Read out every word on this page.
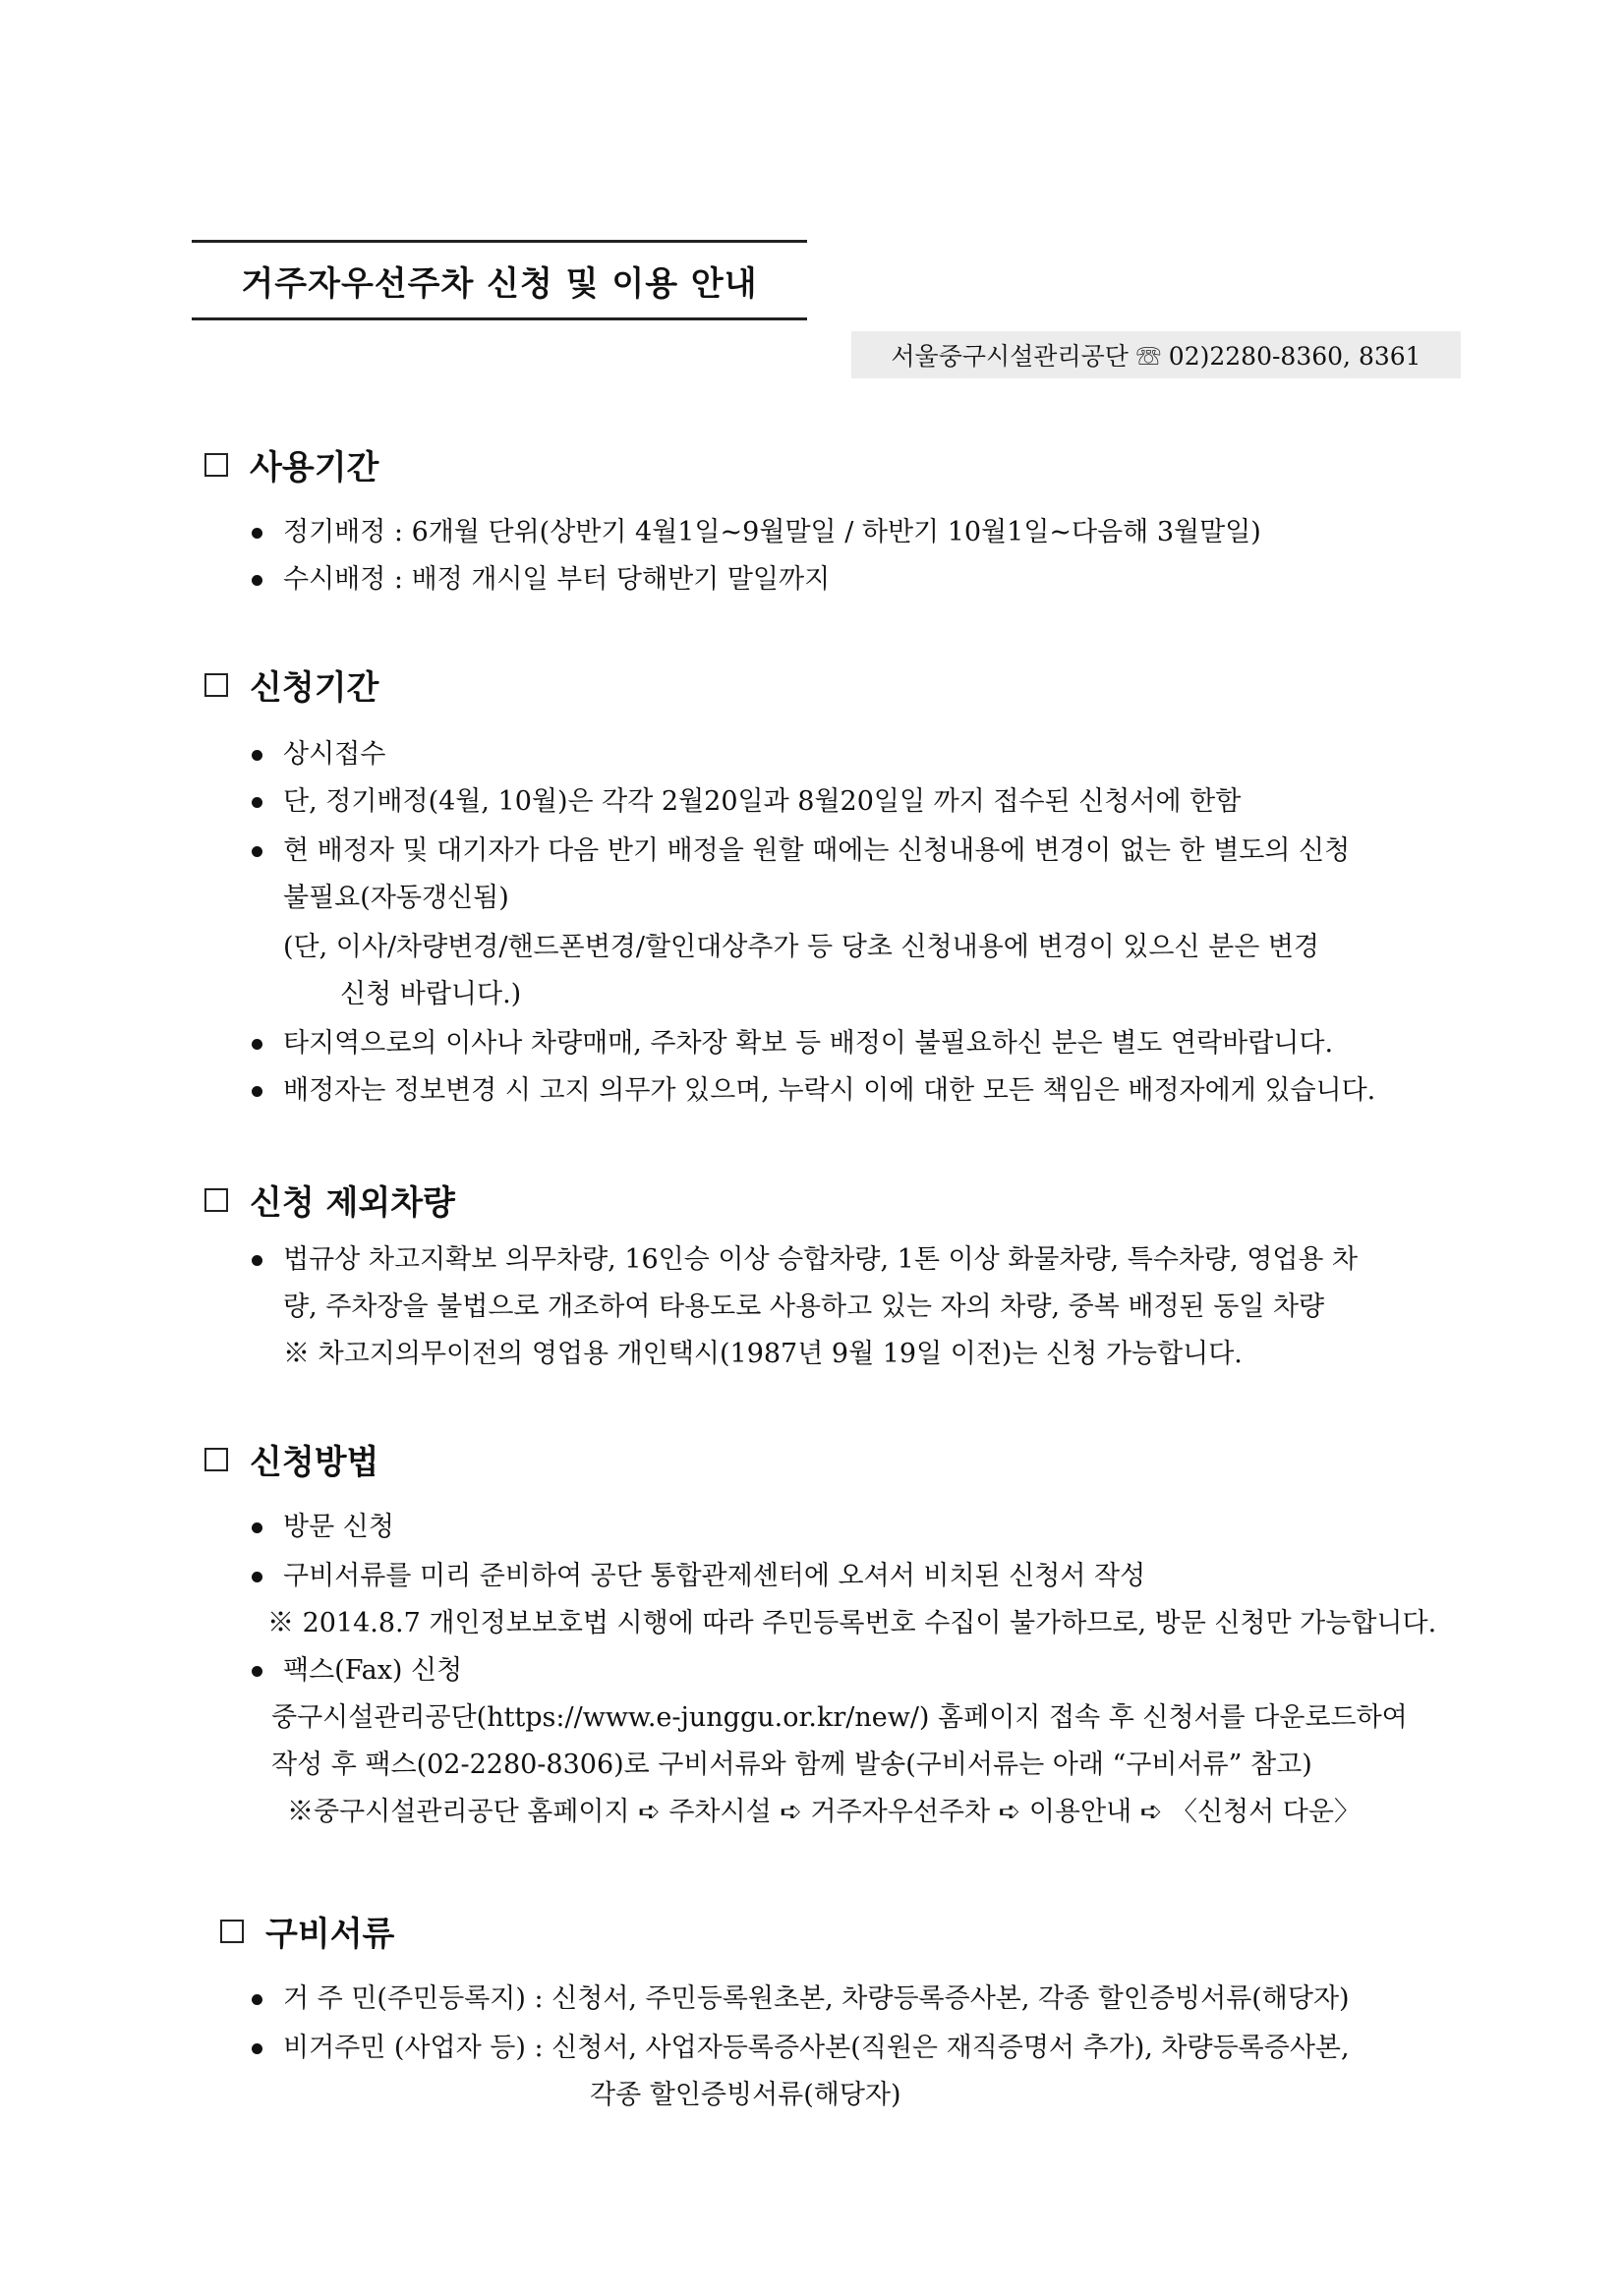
거주자우선주차 신청 및 이용 안내
서울중구시설관리공단 ☏ 02)2280-8360, 8361
사용기간
정기배정 : 6개월 단위(상반기 4월1일~9월말일 / 하반기 10월1일~다음해 3월말일)
수시배정 : 배정 개시일 부터 당해반기 말일까지
신청기간
상시접수
단, 정기배정(4월, 10월)은 각각 2월20일과 8월20일일 까지 접수된 신청서에 한함
현 배정자 및 대기자가 다음 반기 배정을 원할 때에는 신청내용에 변경이 없는 한 별도의 신청
불필요(자동갱신됨)
(단, 이사/차량변경/핸드폰변경/할인대상추가 등 당초 신청내용에 변경이 있으신 분은 변경
신청 바랍니다.)
타지역으로의 이사나 차량매매, 주차장 확보 등 배정이 불필요하신 분은 별도 연락바랍니다.
배정자는 정보변경 시 고지 의무가 있으며, 누락시 이에 대한 모든 책임은 배정자에게 있습니다.
신청 제외차량
법규상 차고지확보 의무차량, 16인승 이상 승합차량, 1톤 이상 화물차량, 특수차량, 영업용 차
량, 주차장을 불법으로 개조하여 타용도로 사용하고 있는 자의 차량, 중복 배정된 동일 차량
※ 차고지의무이전의 영업용 개인택시(1987년 9월 19일 이전)는 신청 가능합니다.
신청방법
방문 신청
구비서류를 미리 준비하여 공단 통합관제센터에 오셔서 비치된 신청서 작성
※ 2014.8.7 개인정보보호법 시행에 따라 주민등록번호 수집이 불가하므로, 방문 신청만 가능합니다.
팩스(Fax) 신청
중구시설관리공단(https://www.e-junggu.or.kr/new/) 홈페이지 접속 후 신청서를 다운로드하여
작성 후 팩스(02-2280-8306)로 구비서류와 함께 발송(구비서류는 아래 “구비서류” 참고)
※중구시설관리공단 홈페이지 ➪ 주차시설 ➪ 거주자우선주차 ➪ 이용안내 ➪ 〈신청서 다운〉
구비서류
거 주 민(주민등록지) : 신청서, 주민등록원초본, 차량등록증사본, 각종 할인증빙서류(해당자)
비거주민 (사업자 등) : 신청서, 사업자등록증사본(직원은 재직증명서 추가), 차량등록증사본,
각종 할인증빙서류(해당자)
